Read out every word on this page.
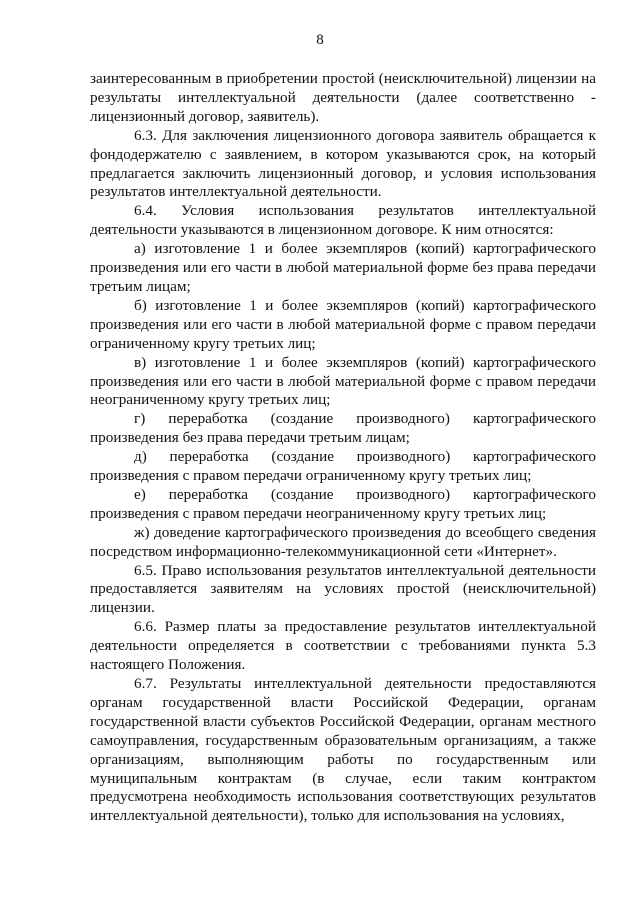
8

заинтересованным в приобретении простой (неисключительной) лицензии на результаты интеллектуальной деятельности (далее соответственно - лицензионный договор, заявитель).

6.3. Для заключения лицензионного договора заявитель обращается к фондодержателю с заявлением, в котором указываются срок, на который предлагается заключить лицензионный договор, и условия использования результатов интеллектуальной деятельности.

6.4. Условия использования результатов интеллектуальной деятельности указываются в лицензионном договоре. К ним относятся:

а) изготовление 1 и более экземпляров (копий) картографического произведения или его части в любой материальной форме без права передачи третьим лицам;

б) изготовление 1 и более экземпляров (копий) картографического произведения или его части в любой материальной форме с правом передачи ограниченному кругу третьих лиц;

в) изготовление 1 и более экземпляров (копий) картографического произведения или его части в любой материальной форме с правом передачи неограниченному кругу третьих лиц;

г) переработка (создание производного) картографического произведения без права передачи третьим лицам;

д) переработка (создание производного) картографического произведения с правом передачи ограниченному кругу третьих лиц;

е) переработка (создание производного) картографического произведения с правом передачи неограниченному кругу третьих лиц;

ж) доведение картографического произведения до всеобщего сведения посредством информационно-телекоммуникационной сети «Интернет».

6.5. Право использования результатов интеллектуальной деятельности предоставляется заявителям на условиях простой (неисключительной) лицензии.

6.6. Размер платы за предоставление результатов интеллектуальной деятельности определяется в соответствии с требованиями пункта 5.3 настоящего Положения.

6.7. Результаты интеллектуальной деятельности предоставляются органам государственной власти Российской Федерации, органам государственной власти субъектов Российской Федерации, органам местного самоуправления, государственным образовательным организациям, а также организациям, выполняющим работы по государственным или муниципальным контрактам (в случае, если таким контрактом предусмотрена необходимость использования соответствующих результатов интеллектуальной деятельности), только для использования на условиях,
